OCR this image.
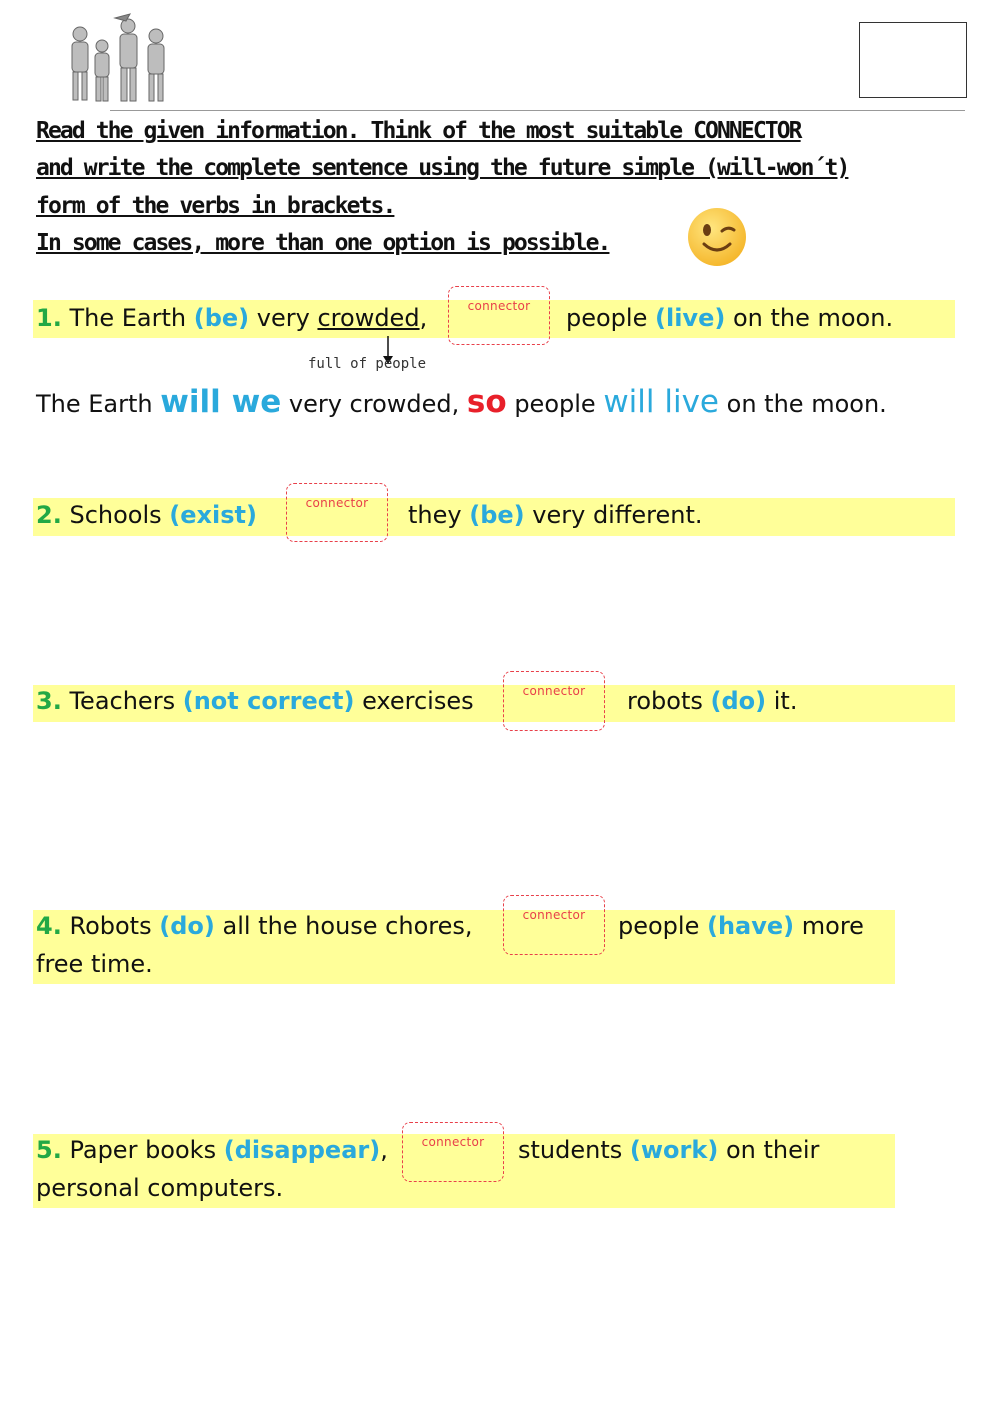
Read the given information. Think of the most suitable CONNECTOR
and write the complete sentence using the future simple (will-won´t)
form of the verbs in brackets.
In some cases, more than one option is possible.
1. The Earth (be) very crowded,	connector	people (live) on the moon.
full of people
The Earth will we very crowded, so people will live on the moon.
2. Schools (exist)	connector	they (be) very different.
3. Teachers (not correct) exercises	connector	robots (do) it.
4. Robots (do) all the house chores,	connector	people (have) more
free time.
5. Paper books (disappear),	connector	students (work) on their
personal computers.
